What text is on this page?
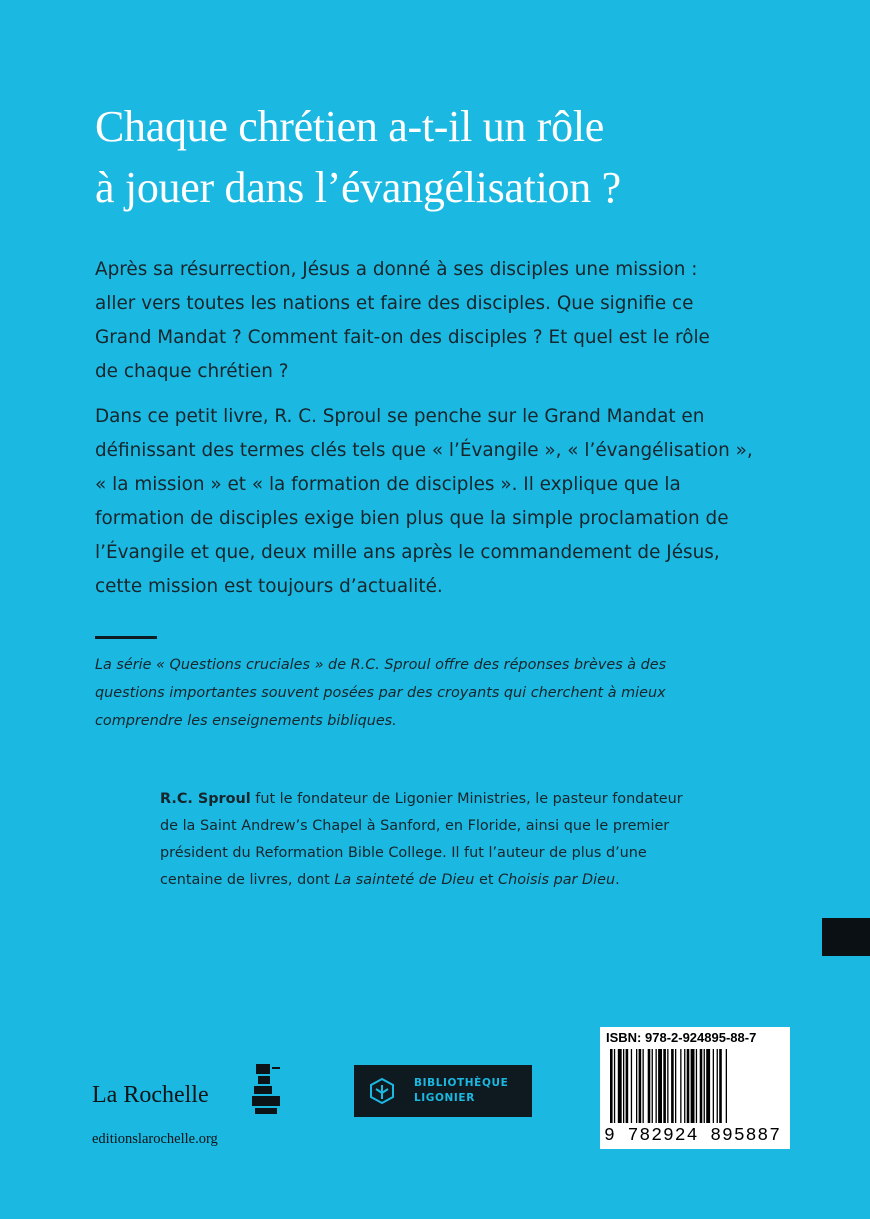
Chaque chrétien a-t-il un rôle
à jouer dans l’évangélisation ?

Après sa résurrection, Jésus a donné à ses disciples une mission :
aller vers toutes les nations et faire des disciples. Que signifie ce
Grand Mandat ? Comment fait-on des disciples ? Et quel est le rôle
de chaque chrétien ?

Dans ce petit livre, R. C. Sproul se penche sur le Grand Mandat en
définissant des termes clés tels que « l’Évangile », « l’évangélisation »,
« la mission » et « la formation de disciples ». Il explique que la
formation de disciples exige bien plus que la simple proclamation de
l’Évangile et que, deux mille ans après le commandement de Jésus,
cette mission est toujours d’actualité.

La série « Questions cruciales » de R.C. Sproul offre des réponses brèves à des
questions importantes souvent posées par des croyants qui cherchent à mieux
comprendre les enseignements bibliques.

R.C. Sproul fut le fondateur de Ligonier Ministries, le pasteur fondateur
de la Saint Andrew’s Chapel à Sanford, en Floride, ainsi que le premier
président du Reformation Bible College. Il fut l’auteur de plus d’une
centaine de livres, dont La sainteté de Dieu et Choisis par Dieu.

La Rochelle
editionslarochelle.org
BIBLIOTHÈQUE
LIGONIER
ISBN: 978-2-924895-88-7
9 782924 895887
